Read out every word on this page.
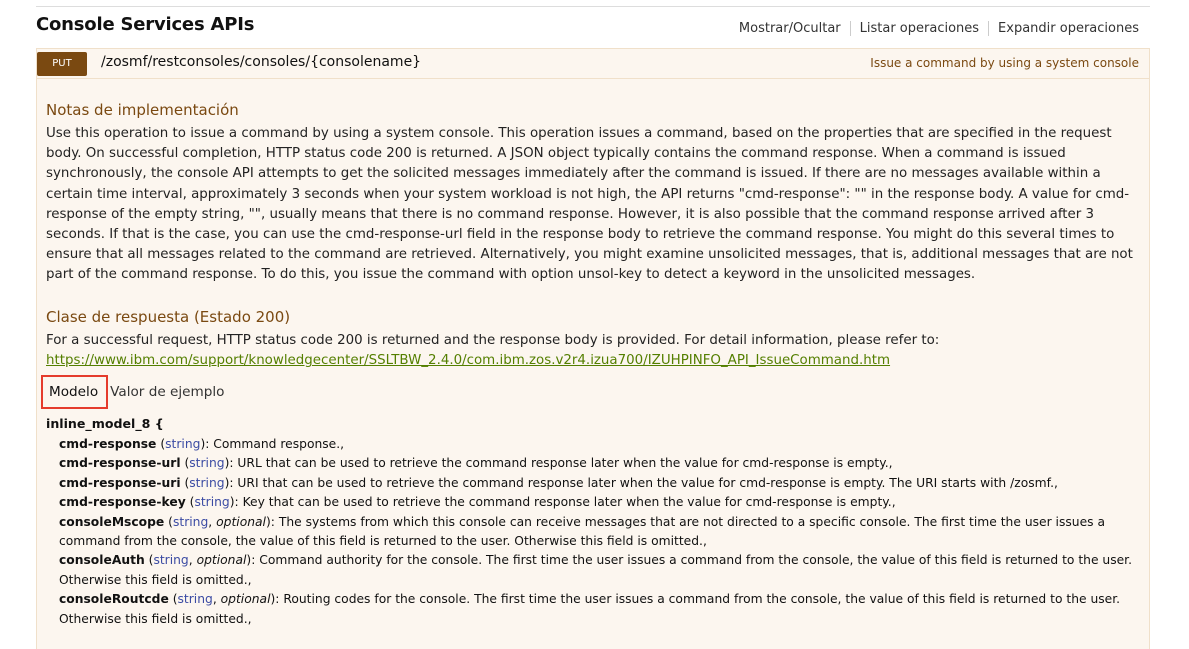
Console Services APIs	Mostrar/Ocultar	Listar operaciones	Expandir operaciones
PUT	/zosmf/restconsoles/consoles/{consolename}	Issue a command by using a system console
Notas de implementación

Use this operation to issue a command by using a system console. This operation issues a command, based on the properties that are specified in the request body. On successful completion, HTTP status code 200 is returned. A JSON object typically contains the command response. When a command is issued synchronously, the console API attempts to get the solicited messages immediately after the command is issued. If there are no messages available within a certain time interval, approximately 3 seconds when your system workload is not high, the API returns "cmd-response": "" in the response body. A value for cmd-response of the empty string, "", usually means that there is no command response. However, it is also possible that the command response arrived after 3 seconds. If that is the case, you can use the cmd-response-url field in the response body to retrieve the command response. You might do this several times to ensure that all messages related to the command are retrieved. Alternatively, you might examine unsolicited messages, that is, additional messages that are not part of the command response. To do this, you issue the command with option unsol-key to detect a keyword in the unsolicited messages.

Clase de respuesta (Estado 200)

For a successful request, HTTP status code 200 is returned and the response body is provided. For detail information, please refer to:
https://www.ibm.com/support/knowledgecenter/SSLTBW_2.4.0/com.ibm.zos.v2r4.izua700/IZUHPINFO_API_IssueCommand.htm

Modelo Valor de ejemplo
inline_model_8 {
cmd-response (string): Command response.,
cmd-response-url (string): URL that can be used to retrieve the command response later when the value for cmd-response is empty.,
cmd-response-uri (string): URI that can be used to retrieve the command response later when the value for cmd-response is empty. The URI starts with /zosmf.,
cmd-response-key (string): Key that can be used to retrieve the command response later when the value for cmd-response is empty.,
consoleMscope (string, optional): The systems from which this console can receive messages that are not directed to a specific console. The first time the user issues a command from the console, the value of this field is returned to the user. Otherwise this field is omitted.,
consoleAuth (string, optional): Command authority for the console. The first time the user issues a command from the console, the value of this field is returned to the user. Otherwise this field is omitted.,
consoleRoutcde (string, optional): Routing codes for the console. The first time the user issues a command from the console, the value of this field is returned to the user. Otherwise this field is omitted.,
